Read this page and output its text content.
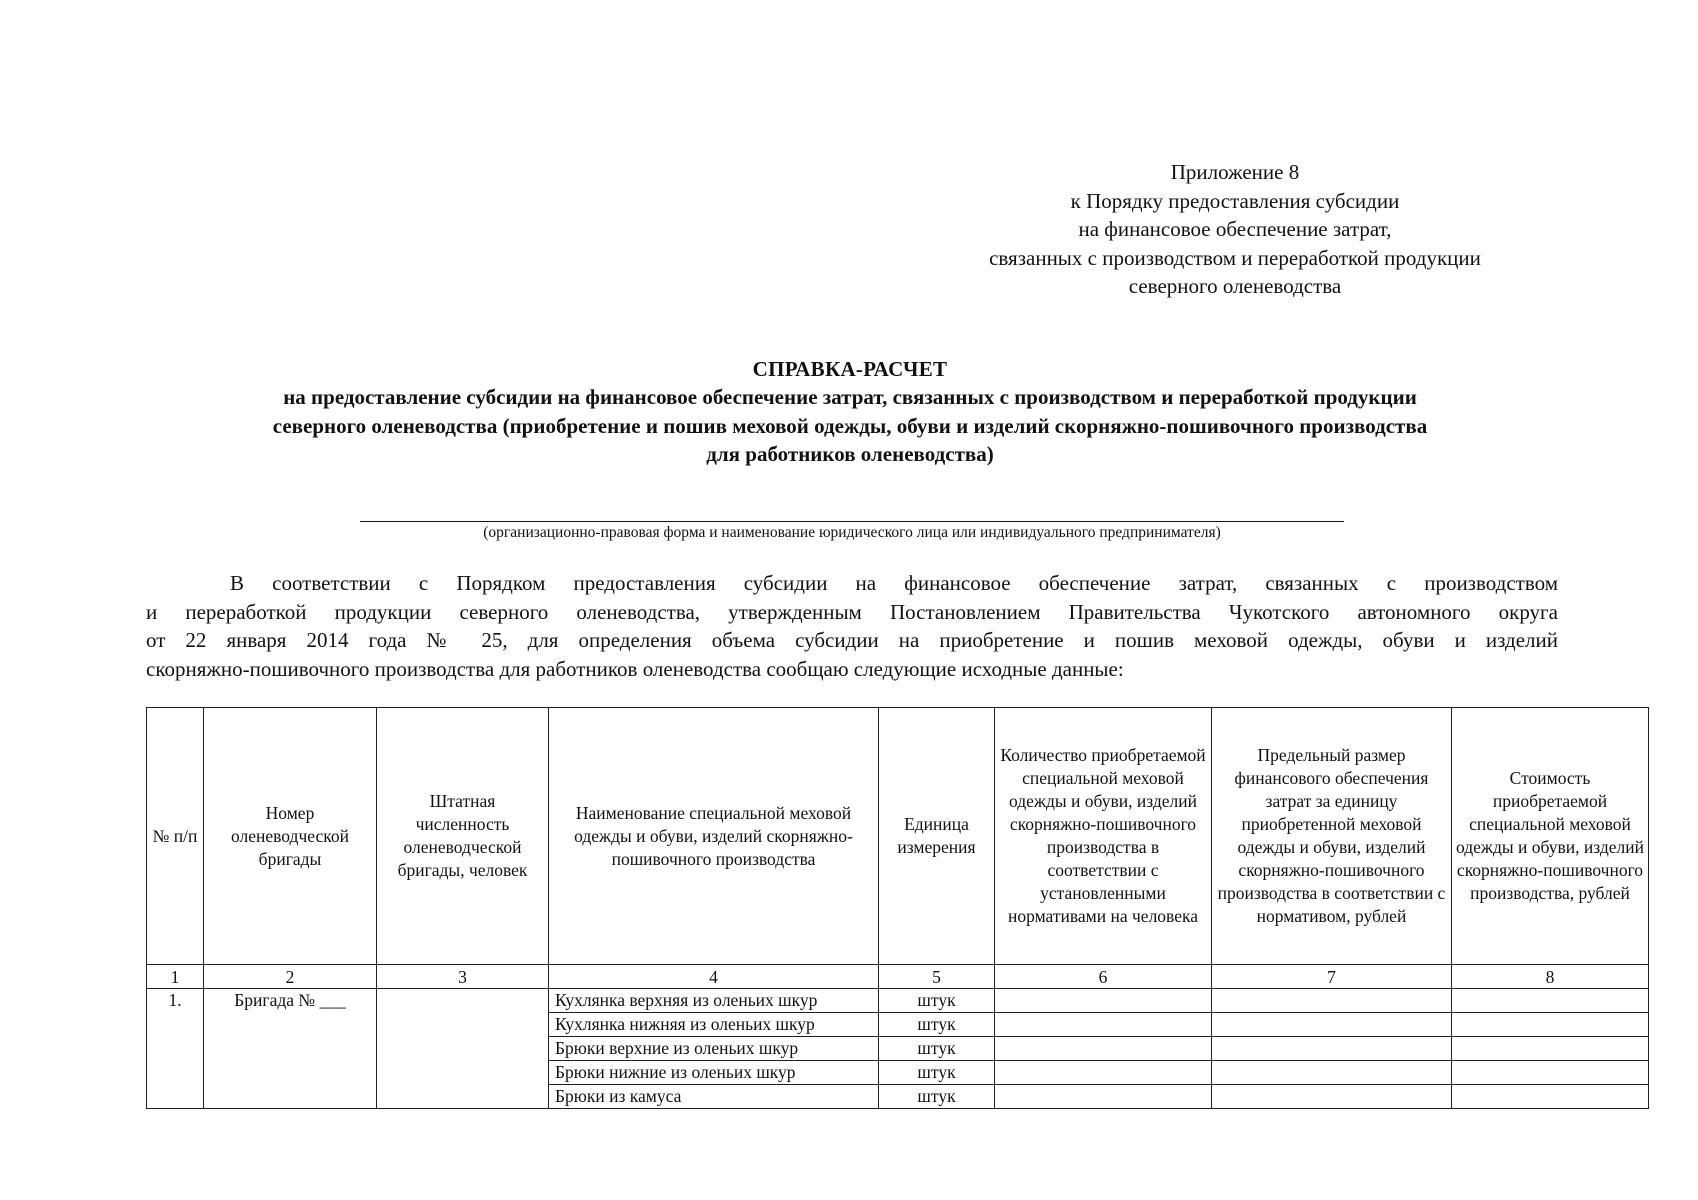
Приложение 8
к Порядку предоставления субсидии
на финансовое обеспечение затрат,
связанных с производством и переработкой продукции
северного оленеводства
СПРАВКА-РАСЧЕТ
на предоставление субсидии на финансовое обеспечение затрат, связанных с производством и переработкой продукции
северного оленеводства (приобретение и пошив меховой одежды, обуви и изделий скорняжно-пошивочного производства
для работников оленеводства)
(организационно-правовая форма и наименование юридического лица или индивидуального предпринимателя)
В соответствии с Порядком предоставления субсидии на финансовое обеспечение затрат, связанных с производством
и переработкой продукции северного оленеводства, утвержденным Постановлением Правительства Чукотского автономного округа
от 22 января 2014 года № 25, для определения объема субсидии на приобретение и пошив меховой одежды, обуви и изделий
скорняжно-пошивочного производства для работников оленеводства сообщаю следующие исходные данные:
№ п/п	Номер оленеводческой бригады	Штатная численность оленеводческой бригады, человек	Наименование специальной меховой одежды и обуви, изделий скорняжно-пошивочного производства	Единица измерения	Количество приобретаемой специальной меховой одежды и обуви, изделий скорняжно-пошивочного производства в соответствии с установленными нормативами на человека	Предельный размер финансового обеспечения затрат за единицу приобретенной меховой одежды и обуви, изделий скорняжно-пошивочного производства в соответствии с нормативом, рублей	Стоимость приобретаемой специальной меховой одежды и обуви, изделий скорняжно-пошивочного производства, рублей
1	2	3	4	5	6	7	8
1.	Бригада № ___		Кухлянка верхняя из оленьих шкур	штук			
			Кухлянка нижняя из оленьих шкур	штук			
			Брюки верхние из оленьих шкур	штук			
			Брюки нижние из оленьих шкур	штук			
			Брюки из камуса	штук			
